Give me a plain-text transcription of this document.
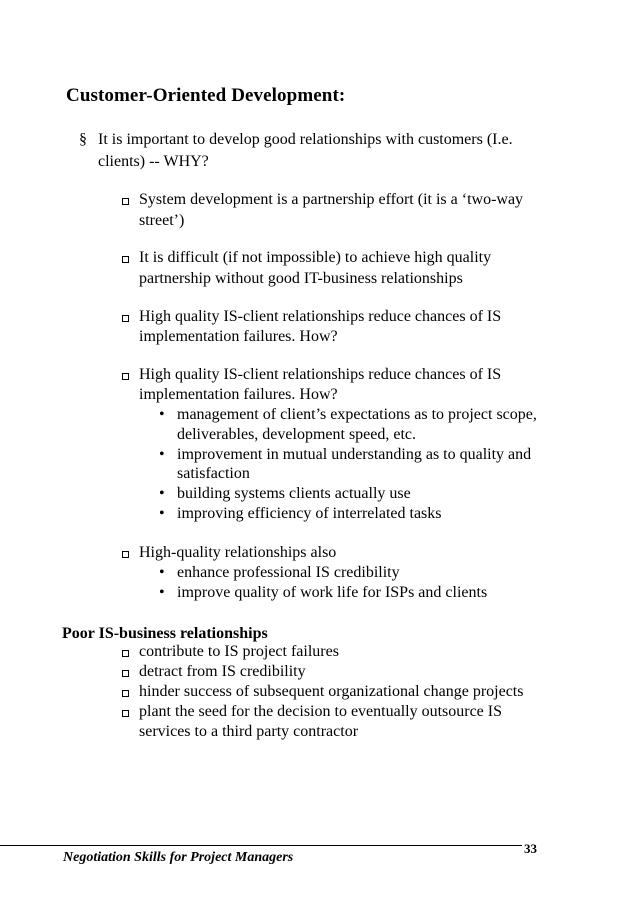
Customer-Oriented Development:
§ It is important to develop good relationships with customers (I.e.
clients) -- WHY?
System development is a partnership effort (it is a ‘two-way
street’)
It is difficult (if not impossible) to achieve high quality
partnership without good IT-business relationships
High quality IS-client relationships reduce chances of IS
implementation failures. How?
High quality IS-client relationships reduce chances of IS
implementation failures. How?
• management of client’s expectations as to project scope,
deliverables, development speed, etc.
• improvement in mutual understanding as to quality and
satisfaction
• building systems clients actually use
• improving efficiency of interrelated tasks
High-quality relationships also
• enhance professional IS credibility
• improve quality of work life for ISPs and clients
Poor IS-business relationships
contribute to IS project failures
detract from IS credibility
hinder success of subsequent organizational change projects
plant the seed for the decision to eventually outsource IS
services to a third party contractor
33
Negotiation Skills for Project Managers
